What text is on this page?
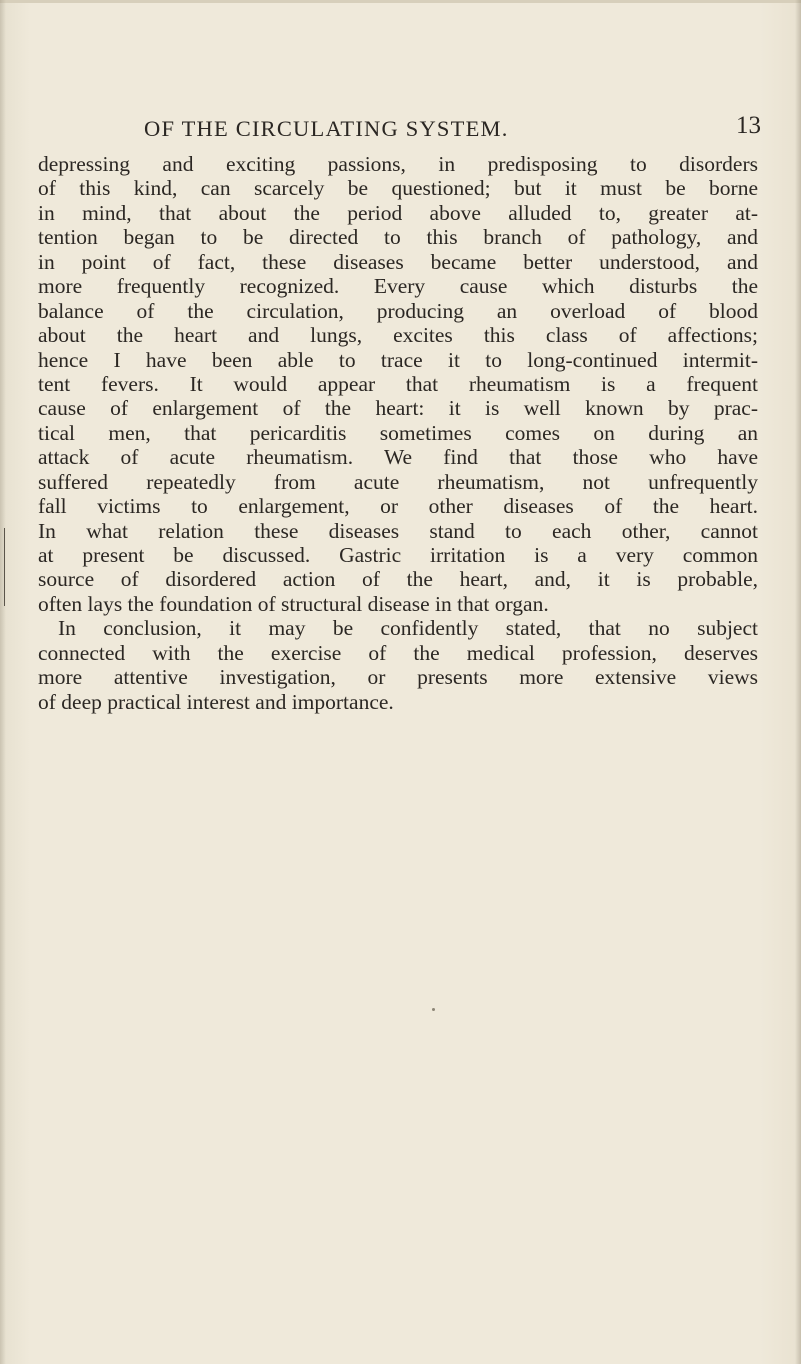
OF THE CIRCULATING SYSTEM.	13
depressing and exciting passions, in predisposing to disorders
of this kind, can scarcely be questioned; but it must be borne
in mind, that about the period above alluded to, greater at-
tention began to be directed to this branch of pathology, and
in point of fact, these diseases became better understood, and
more frequently recognized. Every cause which disturbs the
balance of the circulation, producing an overload of blood
about the heart and lungs, excites this class of affections;
hence I have been able to trace it to long-continued intermit-
tent fevers. It would appear that rheumatism is a frequent
cause of enlargement of the heart: it is well known by prac-
tical men, that pericarditis sometimes comes on during an
attack of acute rheumatism. We find that those who have
suffered repeatedly from acute rheumatism, not unfrequently
fall victims to enlargement, or other diseases of the heart.
In what relation these diseases stand to each other, cannot
at present be discussed. Gastric irritation is a very common
source of disordered action of the heart, and, it is probable,
often lays the foundation of structural disease in that organ.
In conclusion, it may be confidently stated, that no subject
connected with the exercise of the medical profession, deserves
more attentive investigation, or presents more extensive views
of deep practical interest and importance.
